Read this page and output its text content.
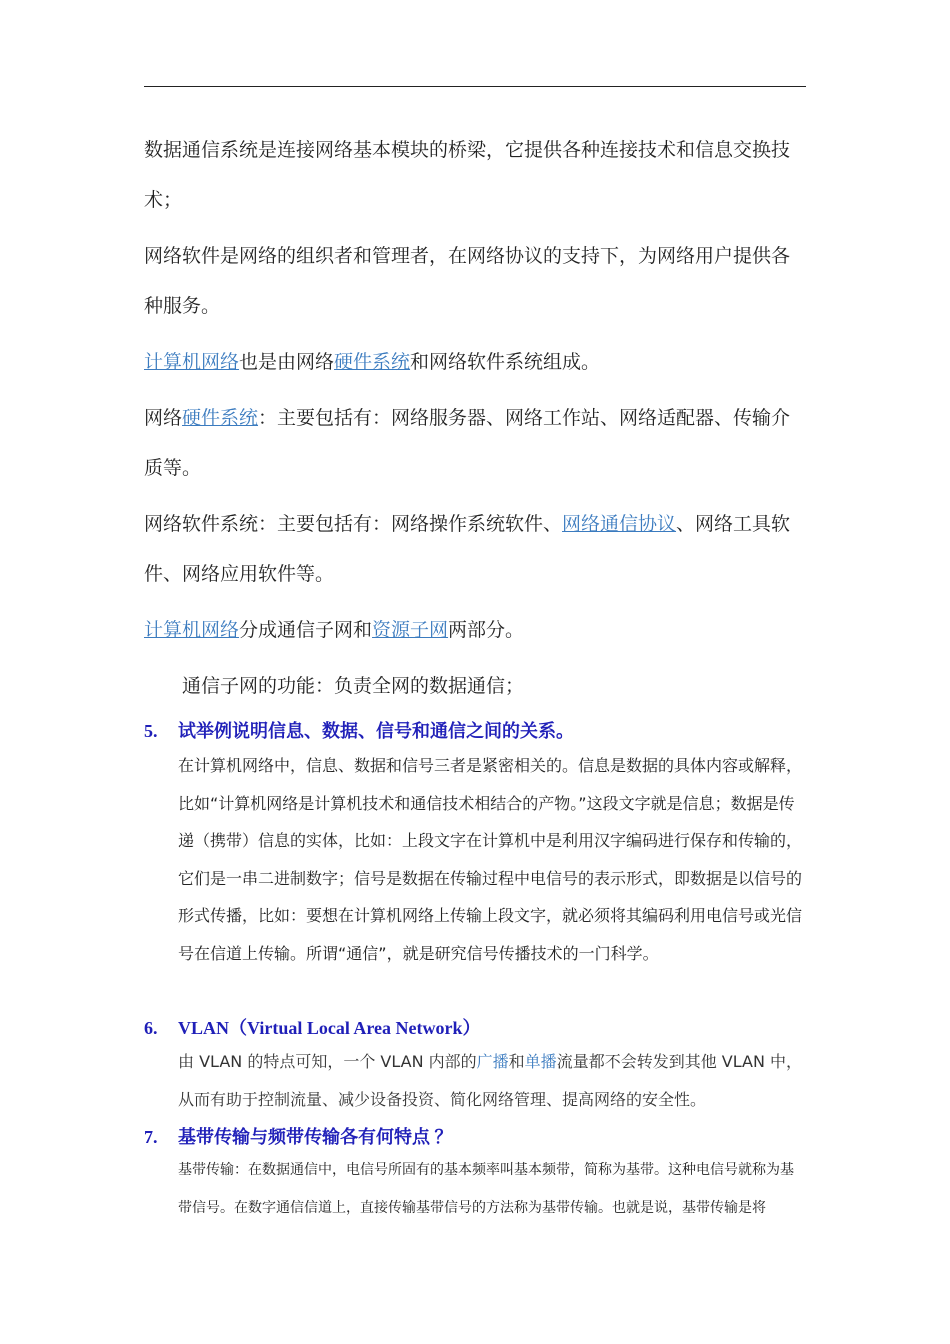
数据通信系统是连接网络基本模块的桥梁，它提供各种连接技术和信息交换技术；

网络软件是网络的组织者和管理者，在网络协议的支持下，为网络用户提供各种服务。

计算机网络也是由网络硬件系统和网络软件系统组成。

网络硬件系统：主要包括有：网络服务器、网络工作站、网络适配器、传输介质等。

网络软件系统：主要包括有：网络操作系统软件、网络通信协议、网络工具软件、网络应用软件等。

计算机网络分成通信子网和资源子网两部分。

通信子网的功能：负责全网的数据通信；

5. 试举例说明信息、数据、信号和通信之间的关系。

在计算机网络中，信息、数据和信号三者是紧密相关的。信息是数据的具体内容或解释，比如“计算机网络是计算机技术和通信技术相结合的产物。”这段文字就是信息；数据是传递（携带）信息的实体，比如：上段文字在计算机中是利用汉字编码进行保存和传输的，它们是一串二进制数字；信号是数据在传输过程中电信号的表示形式，即数据是以信号的形式传播，比如：要想在计算机网络上传输上段文字，就必须将其编码利用电信号或光信号在信道上传输。所谓“通信”，就是研究信号传播技术的一门科学。

6. VLAN（Virtual Local Area Network）

由 VLAN 的特点可知，一个 VLAN 内部的广播和单播流量都不会转发到其他 VLAN 中，从而有助于控制流量、减少设备投资、简化网络管理、提高网络的安全性。

7. 基带传输与频带传输各有何特点 ？

基带传输：在数据通信中，电信号所固有的基本频率叫基本频带，简称为基带。这种电信号就称为基带信号。在数字通信信道上，直接传输基带信号的方法称为基带传输。也就是说，基带传输是将
